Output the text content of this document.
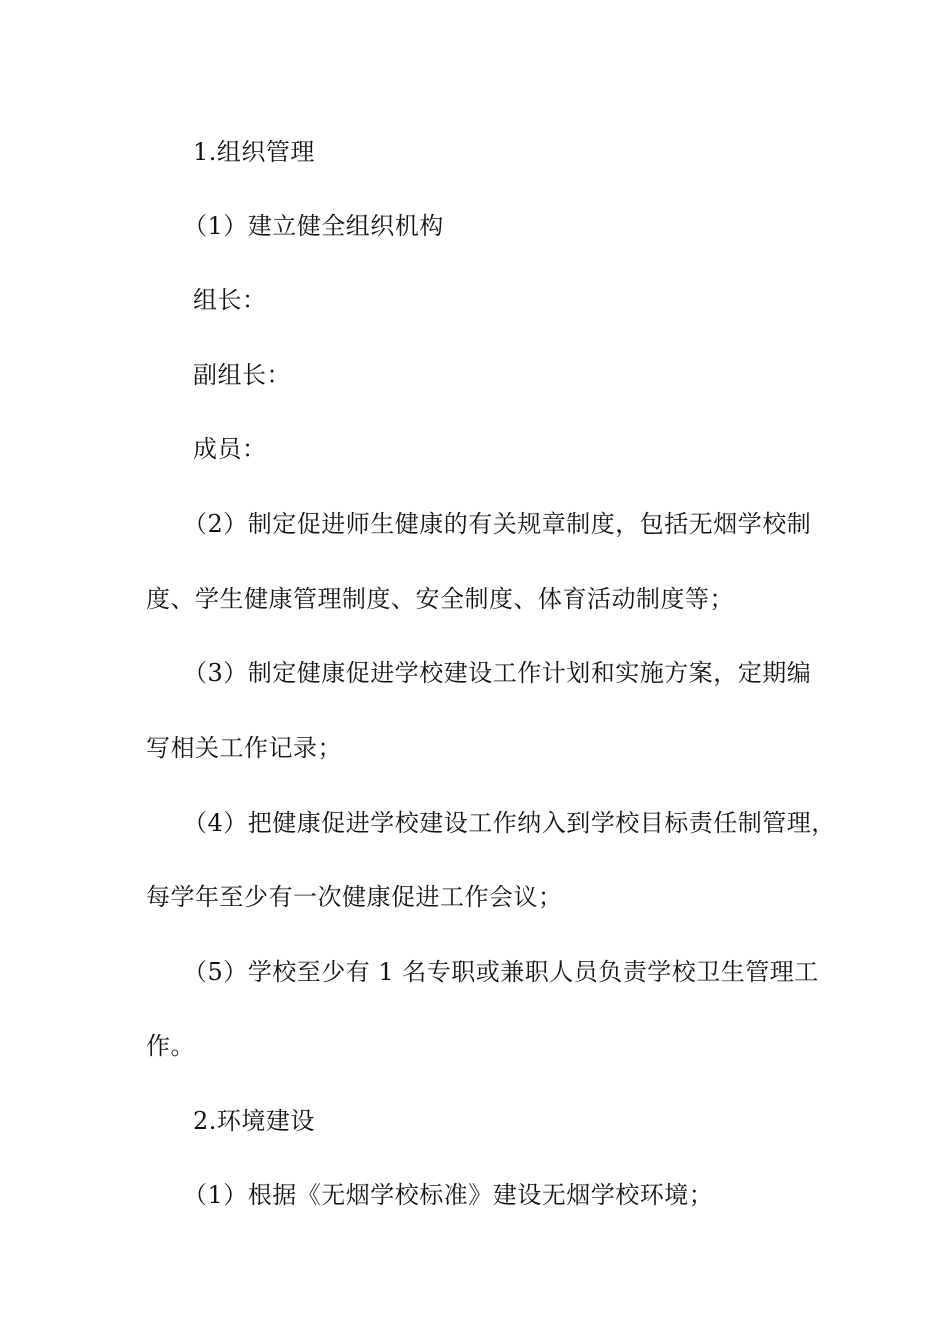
1.组织管理
（1）建立健全组织机构
组长：
副组长：
成员：
（2）制定促进师生健康的有关规章制度，包括无烟学校制
度、学生健康管理制度、安全制度、体育活动制度等；
（3）制定健康促进学校建设工作计划和实施方案，定期编
写相关工作记录；
（4）把健康促进学校建设工作纳入到学校目标责任制管理，
每学年至少有一次健康促进工作会议；
（5）学校至少有 1 名专职或兼职人员负责学校卫生管理工
作。
2.环境建设
（1）根据《无烟学校标准》建设无烟学校环境；
